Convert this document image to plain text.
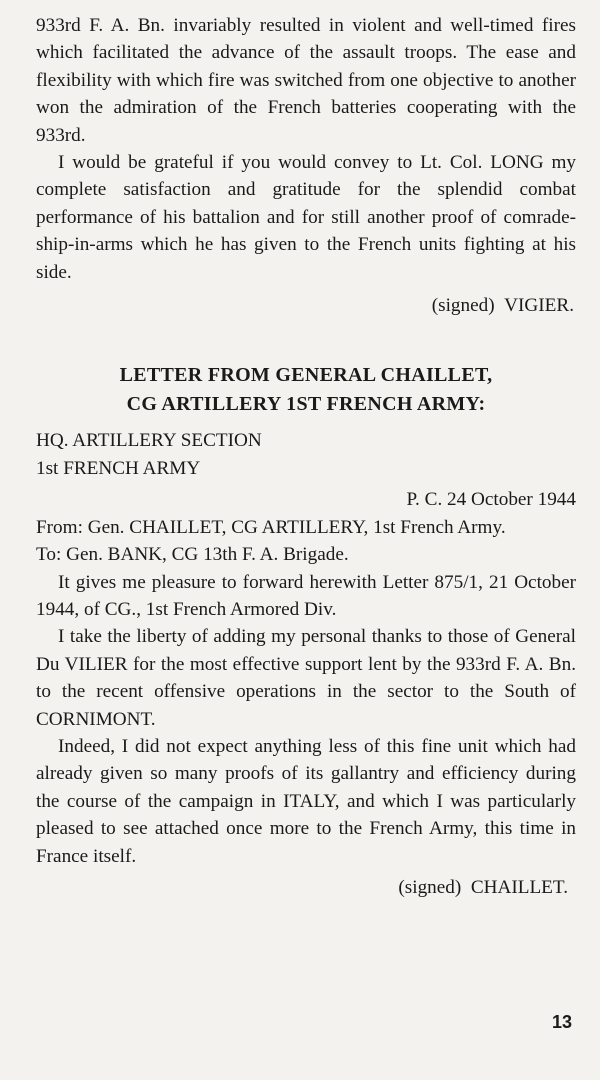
933rd F. A. Bn. invariably resulted in violent and well-timed fires which facilitated the advance of the assault troops. The ease and flexibility with which fire was switched from one objective to another won the admiration of the French batteries cooperating with the 933rd.

I would be grateful if you would convey to Lt. Col. LONG my complete satisfaction and gratitude for the splendid combat performance of his battalion and for still another proof of comrade-ship-in-arms which he has given to the French units fighting at his side.

(signed)  VIGIER.

LETTER FROM GENERAL CHAILLET,
CG ARTILLERY 1ST FRENCH ARMY:

HQ. ARTILLERY SECTION

1st FRENCH ARMY

P. C. 24 October 1944

From: Gen. CHAILLET, CG ARTILLERY, 1st French Army.

To: Gen. BANK, CG 13th F. A. Brigade.

It gives me pleasure to forward herewith Letter 875/1, 21 October 1944, of CG., 1st French Armored Div.

I take the liberty of adding my personal thanks to those of General Du VILIER for the most effective support lent by the 933rd F. A. Bn. to the recent offensive operations in the sector to the South of CORNIMONT.

Indeed, I did not expect anything less of this fine unit which had already given so many proofs of its gallantry and efficiency during the course of the campaign in ITALY, and which I was particularly pleased to see attached once more to the French Army, this time in France itself.

(signed)  CHAILLET.

13
